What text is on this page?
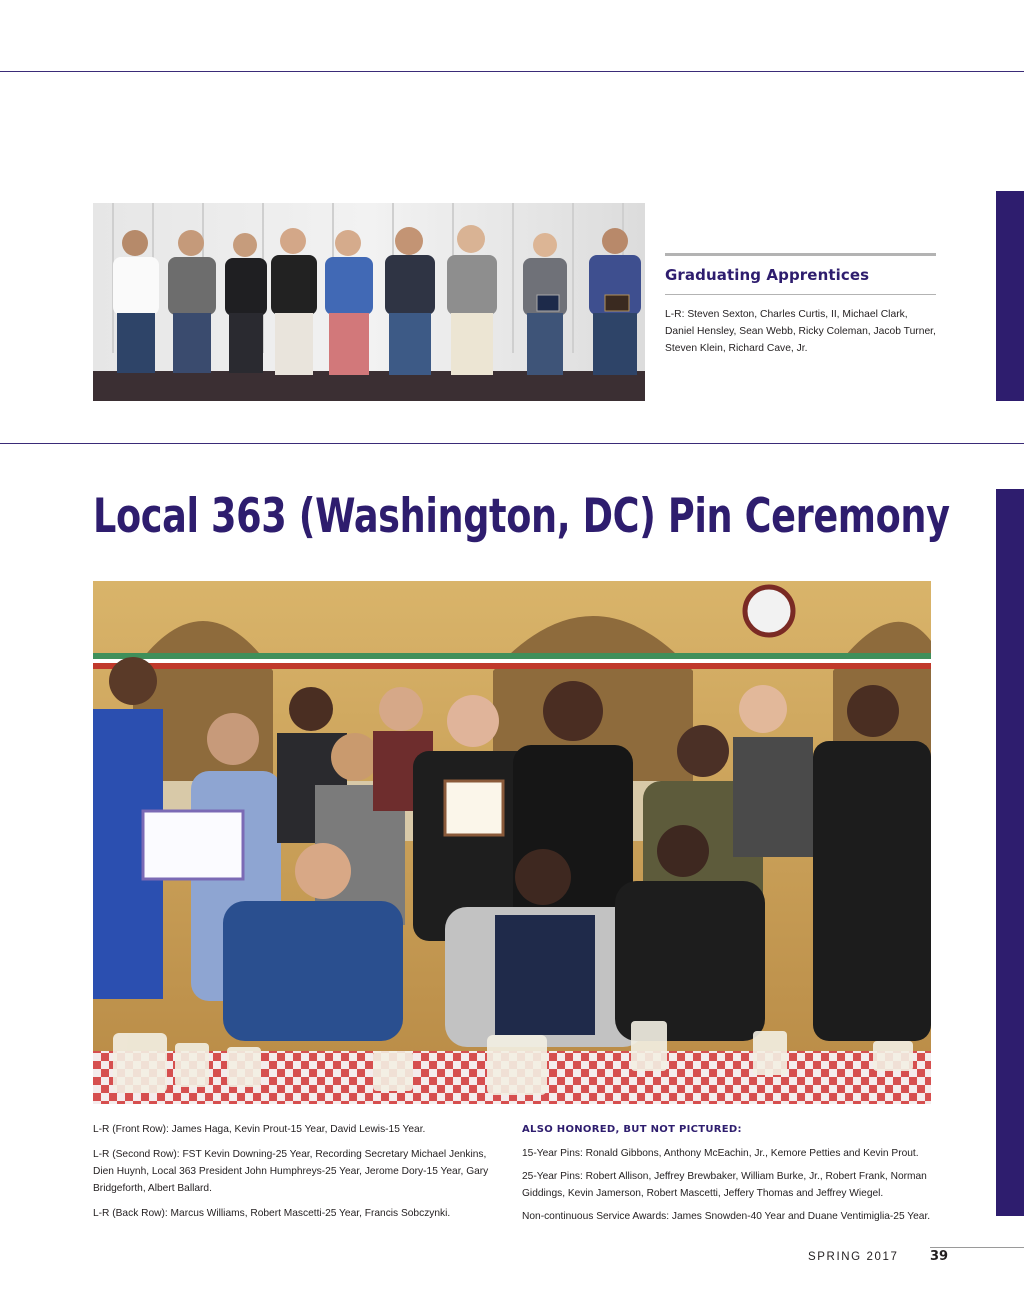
Graduating Apprentices
L-R: Steven Sexton, Charles Curtis, II, Michael Clark, Daniel Hensley, Sean Webb, Ricky Coleman, Jacob Turner, Steven Klein, Richard Cave, Jr.
Local 363 (Washington, DC) Pin Ceremony

L-R (Front Row): James Haga, Kevin Prout-15 Year, David Lewis-15 Year.

L-R (Second Row): FST Kevin Downing-25 Year, Recording Secretary Michael Jenkins, Dien Huynh, Local 363 President John Humphreys-25 Year, Jerome Dory-15 Year, Gary Bridgeforth, Albert Ballard.

L-R (Back Row): Marcus Williams, Robert Mascetti-25 Year, Francis Sobczynki.

ALSO HONORED, BUT NOT PICTURED:

15-Year Pins: Ronald Gibbons, Anthony McEachin, Jr., Kemore Petties and Kevin Prout.

25-Year Pins: Robert Allison, Jeffrey Brewbaker, William Burke, Jr., Robert Frank, Norman Giddings, Kevin Jamerson, Robert Mascetti, Jeffery Thomas and Jeffrey Wiegel.

Non-continuous Service Awards: James Snowden-40 Year and Duane Ventimiglia-25 Year.

SPRING 2017 39
